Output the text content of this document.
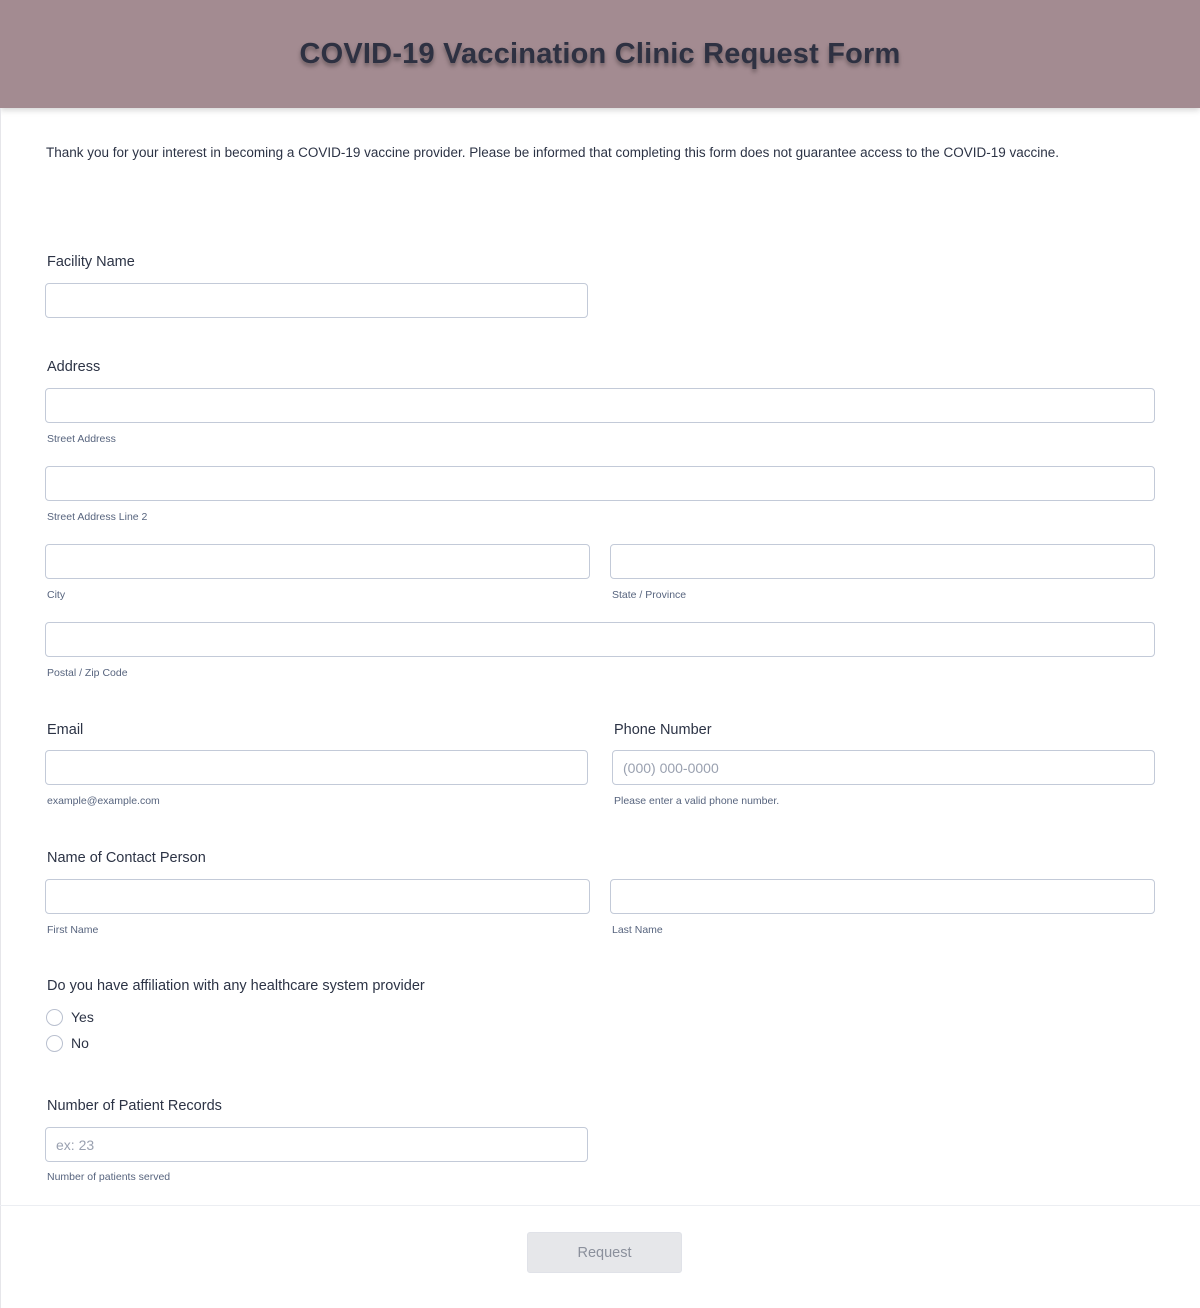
COVID-19 Vaccination Clinic Request Form

Thank you for your interest in becoming a COVID-19 vaccine provider. Please be informed that completing this form does not guarantee access to the COVID-19 vaccine.

Facility Name

Address

Street Address

Street Address Line 2

City	State / Province

Postal / Zip Code

Email

example@example.com

Phone Number

(000) 000-0000

Please enter a valid phone number.

Name of Contact Person

First Name	Last Name

Do you have affiliation with any healthcare system provider

Yes
No

Number of Patient Records

ex: 23

Number of patients served

Request
